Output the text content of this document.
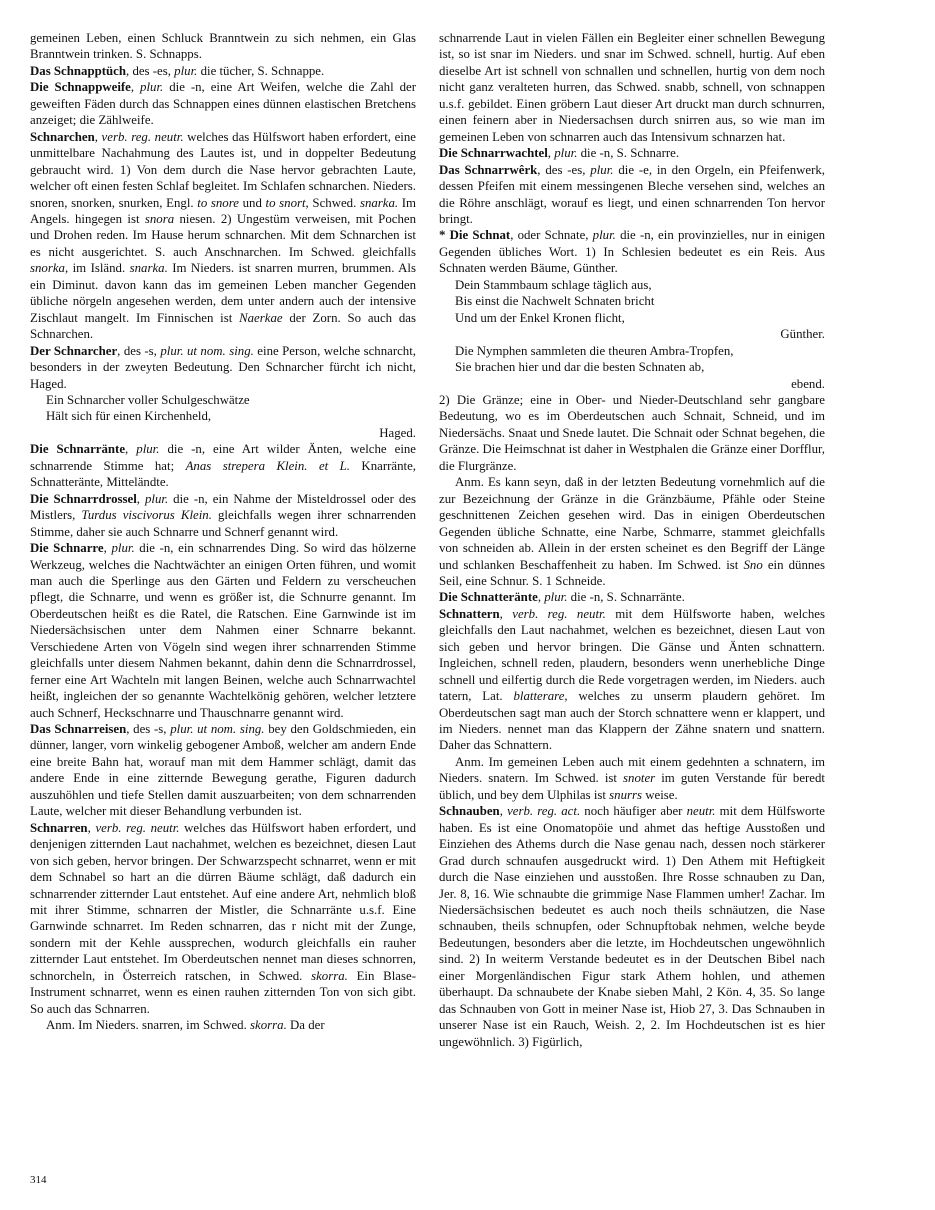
gemeinen Leben, einen Schluck Branntwein zu sich nehmen, ein Glas Branntwein trinken. S. Schnapps.

Das Schnapptüch, des -es, plur. die tücher, S. Schnappe.

Die Schnappweife, plur. die -n, eine Art Weifen, welche die Zahl der geweiften Fäden durch das Schnappen eines dünnen elastischen Bretchens anzeiget; die Zählweife.

Schnarchen, verb. reg. neutr. welches das Hülfswort haben erfordert, eine unmittelbare Nachahmung des Lautes ist, und in doppelter Bedeutung gebraucht wird. 1) Von dem durch die Nase hervor gebrachten Laute, welcher oft einen festen Schlaf begleitet. Im Schlafen schnarchen. Nieders. snoren, snorken, snurken, Engl. to snore und to snort, Schwed. snarka. Im Angels. hingegen ist snora niesen. 2) Ungestüm verweisen, mit Pochen und Drohen reden. Im Hause herum schnarchen. Mit dem Schnarchen ist es nicht ausgerichtet. S. auch Anschnarchen. Im Schwed. gleichfalls snorka, im Isländ. snarka. Im Nieders. ist snarren murren, brummen. Als ein Diminut. davon kann das im gemeinen Leben mancher Gegenden übliche nörgeln angesehen werden, dem unter andern auch der intensive Zischlaut mangelt. Im Finnischen ist Naerkae der Zorn. So auch das Schnarchen.

Der Schnarcher, des -s, plur. ut nom. sing. eine Person, welche schnarcht, besonders in der zweyten Bedeutung. Den Schnarcher fürcht ich nicht, Haged.

Ein Schnarcher voller Schulgeschwätze
Hält sich für einen Kirchenheld,
Haged.

Die Schnarränte, plur. die -n, eine Art wilder Änten, welche eine schnarrende Stimme hat; Anas strepera Klein. et L. Knarränte, Schnatteränte, Mitteländte.

Die Schnarrdrossel, plur. die -n, ein Nahme der Misteldrossel oder des Mistlers, Turdus viscivorus Klein. gleichfalls wegen ihrer schnarrenden Stimme, daher sie auch Schnarre und Schnerf genannt wird.

Die Schnarre, plur. die -n, ein schnarrendes Ding. So wird das hölzerne Werkzeug, welches die Nachtwächter an einigen Orten führen, und womit man auch die Sperlinge aus den Gärten und Feldern zu verscheuchen pflegt, die Schnarre, und wenn es größer ist, die Schnurre genannt. Im Oberdeutschen heißt es die Ratel, die Ratschen. Eine Garnwinde ist im Niedersächsischen unter dem Nahmen einer Schnarre bekannt. Verschiedene Arten von Vögeln sind wegen ihrer schnarrenden Stimme gleichfalls unter diesem Nahmen bekannt, dahin denn die Schnarrdrossel, ferner eine Art Wachteln mit langen Beinen, welche auch Schnarrwachtel heißt, ingleichen der so genannte Wachtelkönig gehören, welcher letztere auch Schnerf, Heckschnarre und Thauschnarre genannt wird.

Das Schnarreisen, des -s, plur. ut nom. sing. bey den Goldschmieden, ein dünner, langer, vorn winkelig gebogener Amboß, welcher am andern Ende eine breite Bahn hat, worauf man mit dem Hammer schlägt, damit das andere Ende in eine zitternde Bewegung gerathe, Figuren dadurch auszuhöhlen und tiefe Stellen damit auszuarbeiten; von dem schnarrenden Laute, welcher mit dieser Behandlung verbunden ist.

Schnarren, verb. reg. neutr. welches das Hülfswort haben erfordert, und denjenigen zitternden Laut nachahmet, welchen es bezeichnet, diesen Laut von sich geben, hervor bringen. Der Schwarzspecht schnarret, wenn er mit dem Schnabel so hart an die dürren Bäume schlägt, daß dadurch ein schnarrender zitternder Laut entstehet. Auf eine andere Art, nehmlich bloß mit ihrer Stimme, schnarren der Mistler, die Schnarränte u.s.f. Eine Garnwinde schnarret. Im Reden schnarren, das r nicht mit der Zunge, sondern mit der Kehle aussprechen, wodurch gleichfalls ein rauher zitternder Laut entstehet. Im Oberdeutschen nennet man dieses schnorren, schnorcheln, in Österreich ratschen, in Schwed. skorra. Ein Blase-Instrument schnarret, wenn es einen rauhen zitternden Ton von sich gibt. So auch das Schnarren.

Anm. Im Nieders. snarren, im Schwed. skorra. Da der

schnarrende Laut in vielen Fällen ein Begleiter einer schnellen Bewegung ist, so ist snar im Nieders. und snar im Schwed. schnell, hurtig. Auf eben dieselbe Art ist schnell von schnallen und schnellen, hurtig von dem noch nicht ganz veralteten hurren, das Schwed. snabb, schnell, von schnappen u.s.f. gebildet. Einen gröbern Laut dieser Art druckt man durch schnurren, einen feinern aber in Niedersachsen durch snirren aus, so wie man im gemeinen Leben von schnarren auch das Intensivum schnarzen hat.

Die Schnarrwachtel, plur. die -n, S. Schnarre.

Das Schnarrwêrk, des -es, plur. die -e, in den Orgeln, ein Pfeifenwerk, dessen Pfeifen mit einem messingenen Bleche versehen sind, welches an die Röhre anschlägt, worauf es liegt, und einen schnarrenden Ton hervor bringt.

* Die Schnat, oder Schnate, plur. die -n, ein provinzielles, nur in einigen Gegenden übliches Wort. 1) In Schlesien bedeutet es ein Reis. Aus Schnaten werden Bäume, Günther.

Dein Stammbaum schlage täglich aus,
Bis einst die Nachwelt Schnaten bricht
Und um der Enkel Kronen flicht,
Günther.
Die Nymphen sammleten die theuren Ambra-Tropfen,
Sie brachen hier und dar die besten Schnaten ab,
ebend.

2) Die Gränze; eine in Ober- und Nieder-Deutschland sehr gangbare Bedeutung, wo es im Oberdeutschen auch Schnait, Schneid, und im Niedersächs. Snaat und Snede lautet. Die Schnait oder Schnat begehen, die Gränze. Die Heimschnat ist daher in Westphalen die Gränze einer Dorfflur, die Flurgränze.

Anm. Es kann seyn, daß in der letzten Bedeutung vornehmlich auf die zur Bezeichnung der Gränze in die Gränzbäume, Pfähle oder Steine geschnittenen Zeichen gesehen wird. Das in einigen Oberdeutschen Gegenden übliche Schnatte, eine Narbe, Schmarre, stammet gleichfalls von schneiden ab. Allein in der ersten scheinet es den Begriff der Länge und schlanken Beschaffenheit zu haben. Im Schwed. ist Sno ein dünnes Seil, eine Schnur. S. 1 Schneide.

Die Schnatteränte, plur. die -n, S. Schnarränte.

Schnattern, verb. reg. neutr. mit dem Hülfsworte haben, welches gleichfalls den Laut nachahmet, welchen es bezeichnet, diesen Laut von sich geben und hervor bringen. Die Gänse und Änten schnattern. Ingleichen, schnell reden, plaudern, besonders wenn unerhebliche Dinge schnell und eilfertig durch die Rede vorgetragen werden, im Nieders. auch tatern, Lat. blatterare, welches zu unserm plaudern gehöret. Im Oberdeutschen sagt man auch der Storch schnattere wenn er klappert, und im Nieders. nennet man das Klappern der Zähne snatern und snattern. Daher das Schnattern.

Anm. Im gemeinen Leben auch mit einem gedehnten a schnatern, im Nieders. snatern. Im Schwed. ist snoter im guten Verstande für beredt üblich, und bey dem Ulphilas ist snurrs weise.

Schnauben, verb. reg. act. noch häufiger aber neutr. mit dem Hülfsworte haben. Es ist eine Onomatopöie und ahmet das heftige Ausstoßen und Einziehen des Athems durch die Nase genau nach, dessen noch stärkerer Grad durch schnaufen ausgedruckt wird. 1) Den Athem mit Heftigkeit durch die Nase einziehen und ausstoßen. Ihre Rosse schnauben zu Dan, Jer. 8, 16. Wie schnaubte die grimmige Nase Flammen umher! Zachar. Im Niedersächsischen bedeutet es auch noch theils schnäutzen, die Nase schnauben, theils schnupfen, oder Schnupftobak nehmen, welche beyde Bedeutungen, besonders aber die letzte, im Hochdeutschen ungewöhnlich sind. 2) In weiterm Verstande bedeutet es in der Deutschen Bibel nach einer Morgenländischen Figur stark Athem hohlen, und athemen überhaupt. Da schnaubete der Knabe sieben Mahl, 2 Kön. 4, 35. So lange das Schnauben von Gott in meiner Nase ist, Hiob 27, 3. Das Schnauben in unserer Nase ist ein Rauch, Weish. 2, 2. Im Hochdeutschen ist es hier ungewöhnlich. 3) Figürlich,

314
